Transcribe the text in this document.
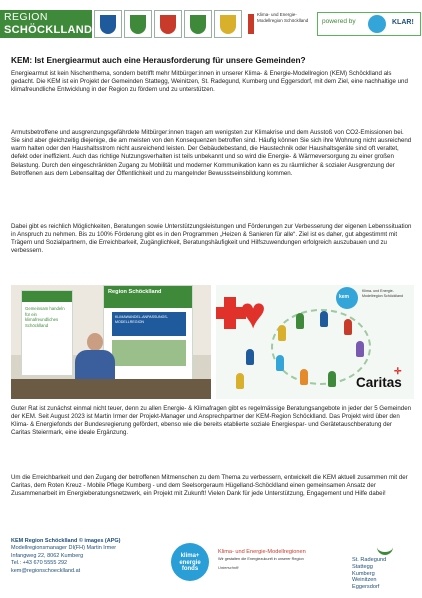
REGION
SCHÖCKLLAND
Klima- und Energie-Modellregion Schöcklland	powered by	KLAR!
KEM: Ist Energiearmut auch eine Herausforderung für unsere Gemeinden?
Energiearmut ist kein Nischenthema, sondern betrifft mehr Mitbürger:innen in unserer Klima- & Energie-Modellregion (KEM) Schöcklland als gedacht. Die KEM ist ein Projekt der Gemeinden Stattegg, Weinitzen, St. Radegund, Kumberg und Eggersdorf, mit dem Ziel, eine nachhaltige und klimafreundliche Entwicklung in der Region zu fördern und zu unterstützen.
Armutsbetroffene und ausgrenzungsgefährdete Mitbürger:innen tragen am wenigsten zur Klimakrise und dem Ausstoß von CO2-Emissionen bei. Sie sind aber gleichzeitig diejenige, die am meisten von den Konsequenzen betroffen sind. Häufig können Sie sich ihre Wohnung nicht ausreichend warm halten oder den Haushaltsstrom nicht ausreichend leisten. Der Gebäudebestand, die Haustechnik oder Haushaltsgeräte sind oft veraltet, defekt oder ineffizient. Auch das richtige Nutzungsverhalten ist teils unbekannt und so wird die Energie- & Wärmeversorgung zu einer großen Belastung. Durch den eingeschränkten Zugang zu Mobilität und moderner Kommunikation kann es zu räumlicher & sozialer Ausgrenzung der Betroffenen aus dem Lebensalltag der Öffentlichkeit und zu mangelnder Bewusstseinsbildung kommen.
Dabei gibt es reichlich Möglichkeiten, Beratungen sowie Unterstützungsleistungen und Förderungen zur Verbesserung der eigenen Lebenssituation in Anspruch zu nehmen. Bis zu 100% Förderung gibt es in den Programmen „Heizen & Sanieren für alle“. Ziel ist es daher, gut abgestimmt mit Trägern und Sozialpartnern, die Erreichbarkeit, Zugänglichkeit, Beratungshäufigkeit und Hilfszuwendungen erfolgreich auszubauen und zu verbessern.
Gemeinsam handeln für ein klimafreundliches Schöcklland
Region Schöcklland
KLIMAWANDEL-ANPASSUNGS-MODELLREGION	♥	kem
Klima- und Energie-Modellregion Schöcklland
✛
Caritas
Guter Rat ist zunächst einmal nicht teuer, denn zu allen Energie- & Klimafragen gibt es regelmässige Beratungsangebote in jeder der 5 Gemeinden der KEM. Seit August 2023 ist Martin Irmer der Projekt-Manager und Ansprechpartner der KEM-Region Schöcklland. Das Projekt wird über den Klima- & Energiefonds der Bundesregierung gefördert, ebenso wie die bereits etablierte soziale Energiespar- und Gerätetauschberatung der Caritas Steiermark, eine ideale Ergänzung.
Um die Erreichbarkeit und den Zugang der betroffenen Mitmenschen zu dem Thema zu verbessern, entwickelt die KEM aktuell zusammen mit der Caritas, dem Roten Kreuz - Mobile Pflege Kumberg - und dem Seelsorgeraum Hügelland-Schöcklland einen gemeinsamen Ansatz der Zusammenarbeit im Energieberatungsnetzwerk, ein Projekt mit Zukunft! Vielen Dank für jede Unterstützung, Engagement und Hilfe dabei!
KEM Region Schöcklland © images (APG)
Modellregionsmanager DI(FH) Martin Irmer
Infangweg 22, 8062 Kumberg
Tel.: +43 670 5555 292
kem@regionschoecklland.at
klima+ energie fonds
Klima- und Energie-Modellregionen
Wir gestalten die Energiezukunft in unserer Region
Unterschrift
St. Radegund
Stattegg
Kumberg
Weinitzen
Eggersdorf
